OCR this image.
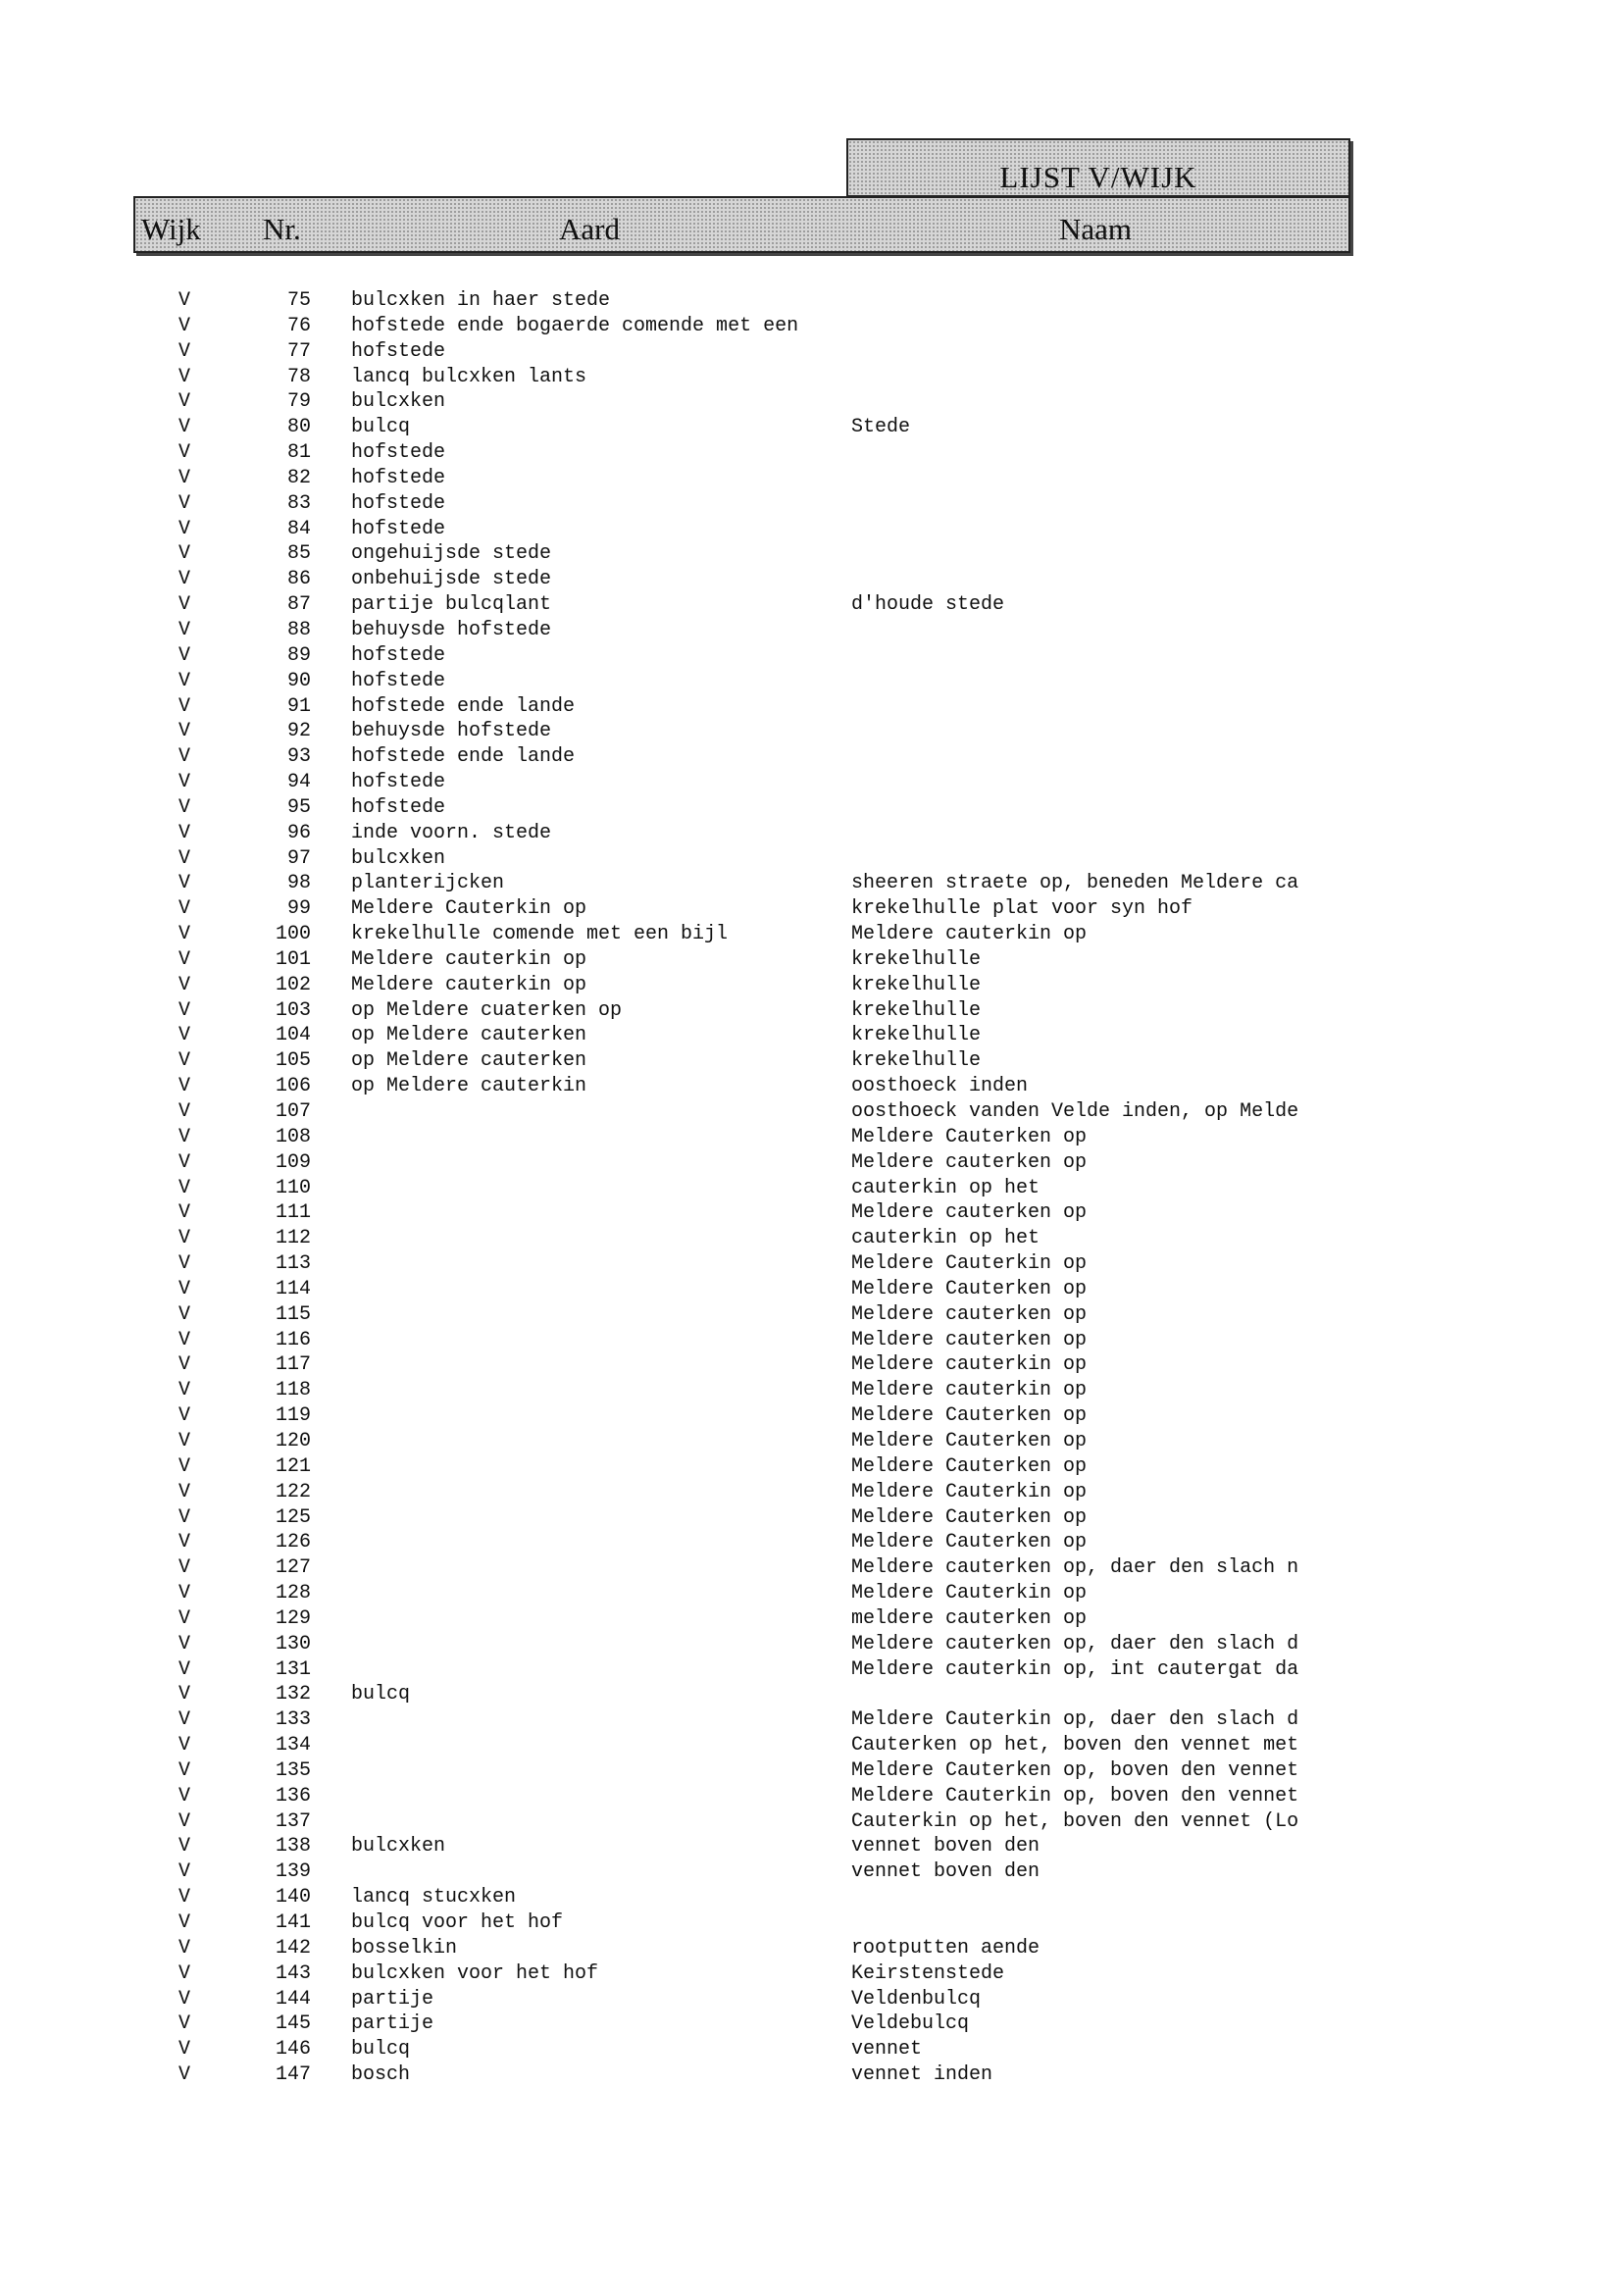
LIJST V/WIJK
Wijk Nr.	Aard	Naam
V	75 bulcxken in haer stede
V	76 hofstede ende bogaerde comende met een
V	77 hofstede
V	78 lancq bulcxken lants
V	79 bulcxken
V	80 bulcq	Stede
V	81 hofstede
V	82 hofstede
V	83 hofstede
V	84 hofstede
V	85 ongehuijsde stede
V	86 onbehuijsde stede
V	87 partije bulcqlant	d'houde stede
V	88 behuysde hofstede
V	89 hofstede
V	90 hofstede
V	91 hofstede ende lande
V	92 behuysde hofstede
V	93 hofstede ende lande
V	94 hofstede
V	95 hofstede
V	96 inde voorn. stede
V	97 bulcxken
V	98 planterijcken	sheeren straete op, beneden Meldere ca
V	99 Meldere Cauterkin op	krekelhulle plat voor syn hof
V	100 krekelhulle comende met een bijl	Meldere cauterkin op
V	101 Meldere cauterkin op	krekelhulle
V	102 Meldere cauterkin op	krekelhulle
V	103 op Meldere cuaterken op	krekelhulle
V	104 op Meldere cauterken	krekelhulle
V	105 op Meldere cauterken	krekelhulle
V	106 op Meldere cauterkin	oosthoeck inden
V	107	oosthoeck vanden Velde inden, op Melde
V	108	Meldere Cauterken op
V	109	Meldere cauterken op
V	110	cauterkin op het
V	111	Meldere cauterken op
V	112	cauterkin op het
V	113	Meldere Cauterkin op
V	114	Meldere Cauterken op
V	115	Meldere cauterken op
V	116	Meldere cauterken op
V	117	Meldere cauterkin op
V	118	Meldere cauterkin op
V	119	Meldere Cauterken op
V	120	Meldere Cauterken op
V	121	Meldere Cauterken op
V	122	Meldere Cauterkin op
V	125	Meldere Cauterken op
V	126	Meldere Cauterken op
V	127	Meldere cauterken op, daer den slach n
V	128	Meldere Cauterkin op
V	129	meldere cauterken op
V	130	Meldere cauterken op, daer den slach d
V	131	Meldere cauterkin op, int cautergat da
V	132 bulcq
V	133	Meldere Cauterkin op, daer den slach d
V	134	Cauterken op het, boven den vennet met
V	135	Meldere Cauterken op, boven den vennet
V	136	Meldere Cauterkin op, boven den vennet
V	137	Cauterkin op het, boven den vennet (Lo
V	138 bulcxken	vennet boven den
V	139	vennet boven den
V	140 lancq stucxken
V	141 bulcq voor het hof
V	142 bosselkin	rootputten aende
V	143 bulcxken voor het hof	Keirstenstede
V	144 partije	Veldenbulcq
V	145 partije	Veldebulcq
V	146 bulcq	vennet
V	147 bosch	vennet inden
